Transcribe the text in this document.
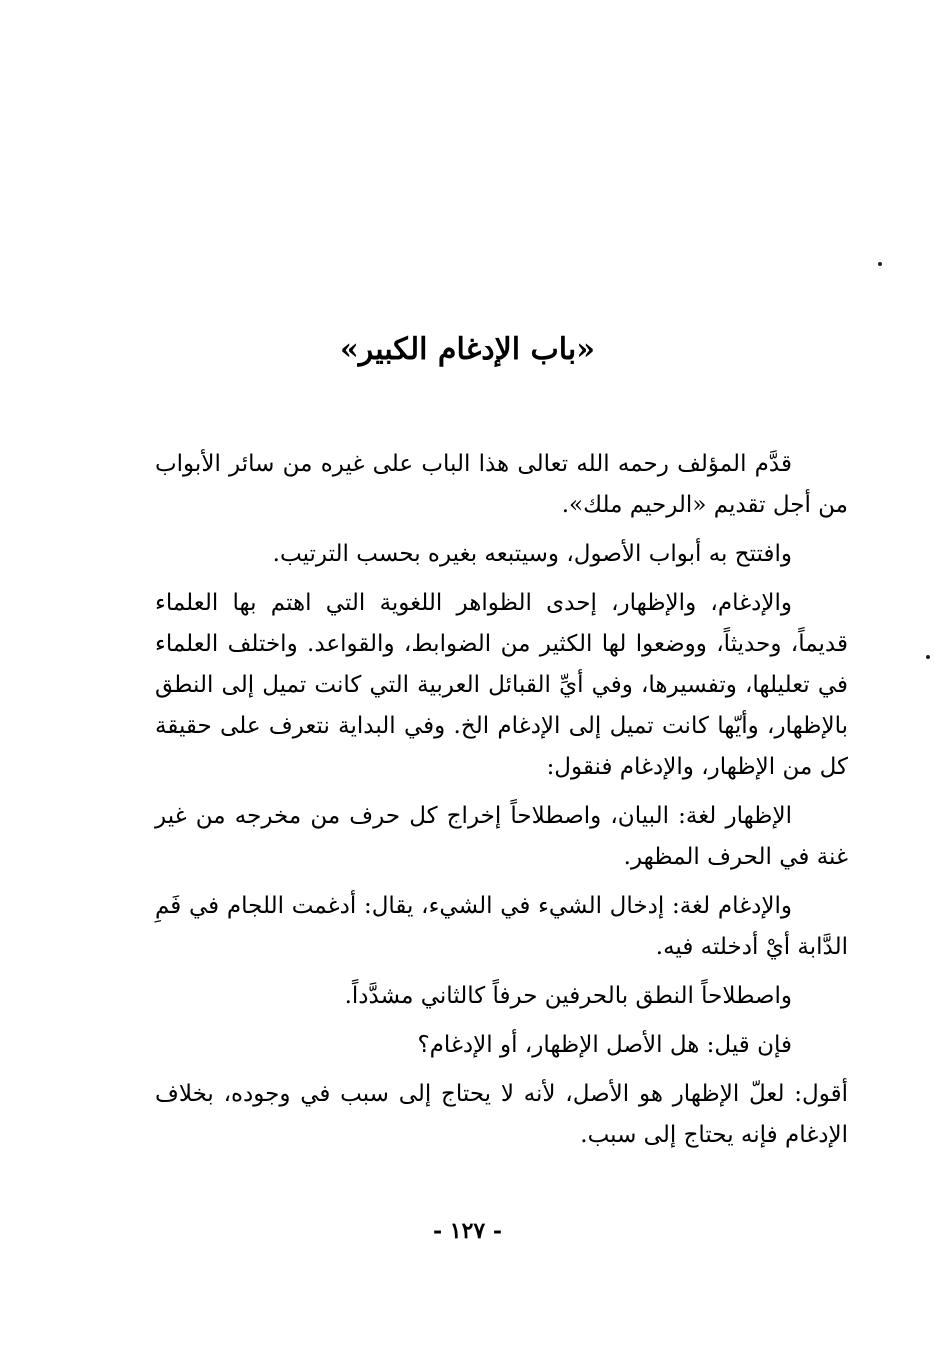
«باب الإدغام الكبير»

قدَّم المؤلف رحمه الله تعالى هذا الباب على غيره من سائر الأبواب من أجل تقديم «الرحيم ملك».

وافتتح به أبواب الأصول، وسيتبعه بغيره بحسب الترتيب.

والإدغام، والإظهار، إحدى الظواهر اللغوية التي اهتم بها العلماء قديماً، وحديثاً، ووضعوا لها الكثير من الضوابط، والقواعد. واختلف العلماء في تعليلها، وتفسيرها، وفي أيِّ القبائل العربية التي كانت تميل إلى النطق بالإظهار، وأيّها كانت تميل إلى الإدغام الخ. وفي البداية نتعرف على حقيقة كل من الإظهار، والإدغام فنقول:

الإظهار لغة: البيان، واصطلاحاً إخراج كل حرف من مخرجه من غير غنة في الحرف المظهر.

والإدغام لغة: إدخال الشيء في الشيء، يقال: أدغمت اللجام في فَمِ الدَّابة أيْ أدخلته فيه.

واصطلاحاً النطق بالحرفين حرفاً كالثاني مشدَّداً.

فإن قيل: هل الأصل الإظهار، أو الإدغام؟

أقول: لعلّ الإظهار هو الأصل، لأنه لا يحتاج إلى سبب في وجوده، بخلاف الإدغام فإنه يحتاج إلى سبب.

- ١٢٧ -
